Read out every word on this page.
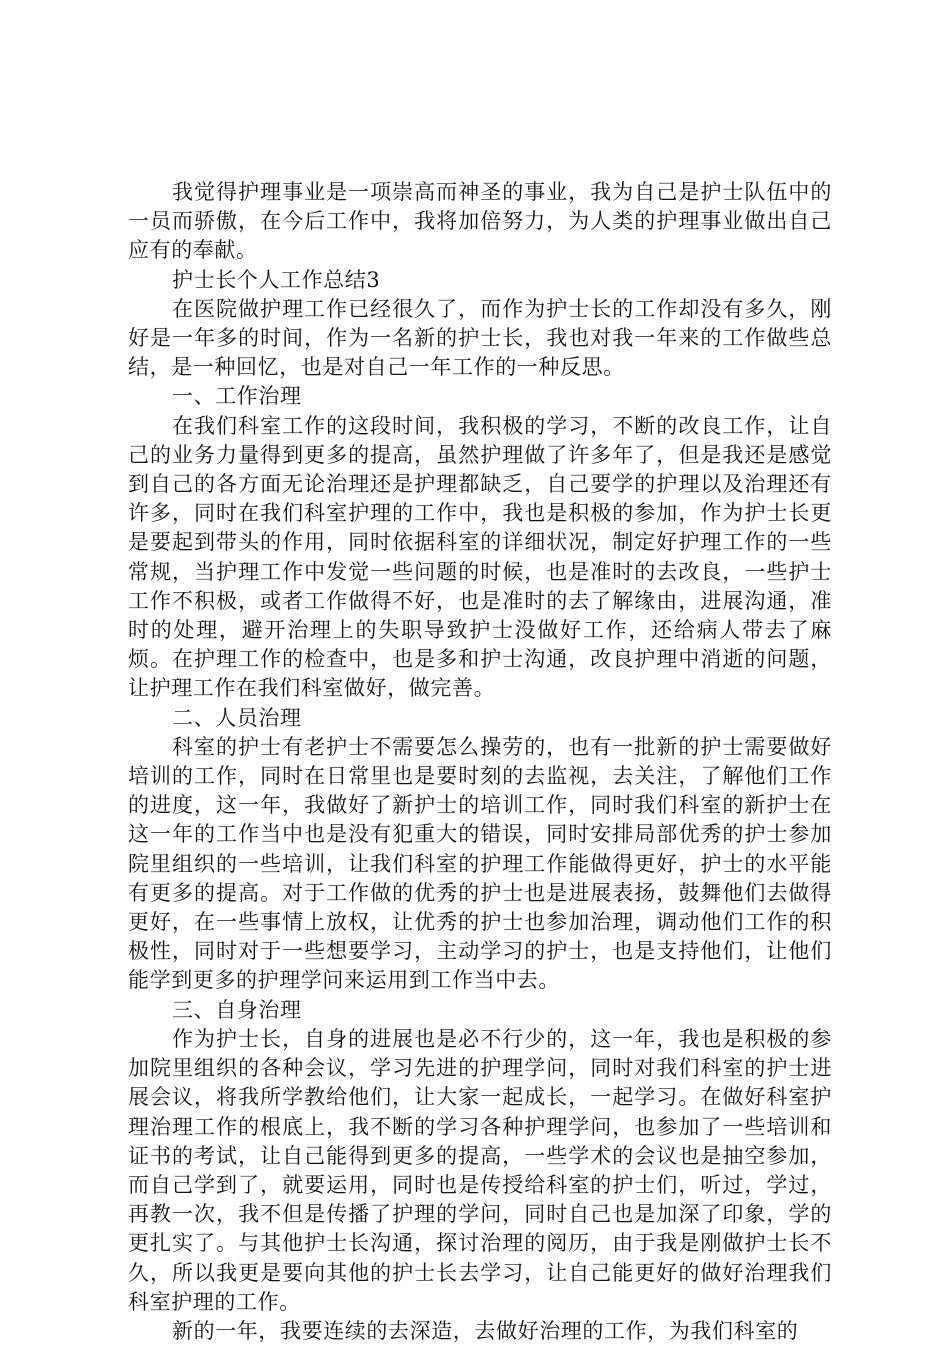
我觉得护理事业是一项崇高而神圣的事业，我为自己是护士队伍中的一员而骄傲，在今后工作中，我将加倍努力，为人类的护理事业做出自己应有的奉献。

护士长个人工作总结3

在医院做护理工作已经很久了，而作为护士长的工作却没有多久，刚好是一年多的时间，作为一名新的护士长，我也对我一年来的工作做些总结，是一种回忆，也是对自己一年工作的一种反思。

一、工作治理

在我们科室工作的这段时间，我积极的学习，不断的改良工作，让自己的业务力量得到更多的提高，虽然护理做了许多年了，但是我还是感觉到自己的各方面无论治理还是护理都缺乏，自己要学的护理以及治理还有许多，同时在我们科室护理的工作中，我也是积极的参加，作为护士长更是要起到带头的作用，同时依据科室的详细状况，制定好护理工作的一些常规，当护理工作中发觉一些问题的时候，也是准时的去改良，一些护士工作不积极，或者工作做得不好，也是准时的去了解缘由，进展沟通，准时的处理，避开治理上的失职导致护士没做好工作，还给病人带去了麻烦。在护理工作的检查中，也是多和护士沟通，改良护理中消逝的问题，让护理工作在我们科室做好，做完善。

二、人员治理

科室的护士有老护士不需要怎么操劳的，也有一批新的护士需要做好培训的工作，同时在日常里也是要时刻的去监视，去关注，了解他们工作的进度，这一年，我做好了新护士的培训工作，同时我们科室的新护士在这一年的工作当中也是没有犯重大的错误，同时安排局部优秀的护士参加院里组织的一些培训，让我们科室的护理工作能做得更好，护士的水平能有更多的提高。对于工作做的优秀的护士也是进展表扬，鼓舞他们去做得更好，在一些事情上放权，让优秀的护士也参加治理，调动他们工作的积极性，同时对于一些想要学习，主动学习的护士，也是支持他们，让他们能学到更多的护理学问来运用到工作当中去。

三、自身治理

作为护士长，自身的进展也是必不行少的，这一年，我也是积极的参加院里组织的各种会议，学习先进的护理学问，同时对我们科室的护士进展会议，将我所学教给他们，让大家一起成长，一起学习。在做好科室护理治理工作的根底上，我不断的学习各种护理学问，也参加了一些培训和证书的考试，让自己能得到更多的提高，一些学术的会议也是抽空参加，而自己学到了，就要运用，同时也是传授给科室的护士们，听过，学过，再教一次，我不但是传播了护理的学问，同时自己也是加深了印象，学的更扎实了。与其他护士长沟通，探讨治理的阅历，由于我是刚做护士长不久，所以我更是要向其他的护士长去学习，让自己能更好的做好治理我们科室护理的工作。

新的一年，我要连续的去深造，去做好治理的工作，为我们科室的
